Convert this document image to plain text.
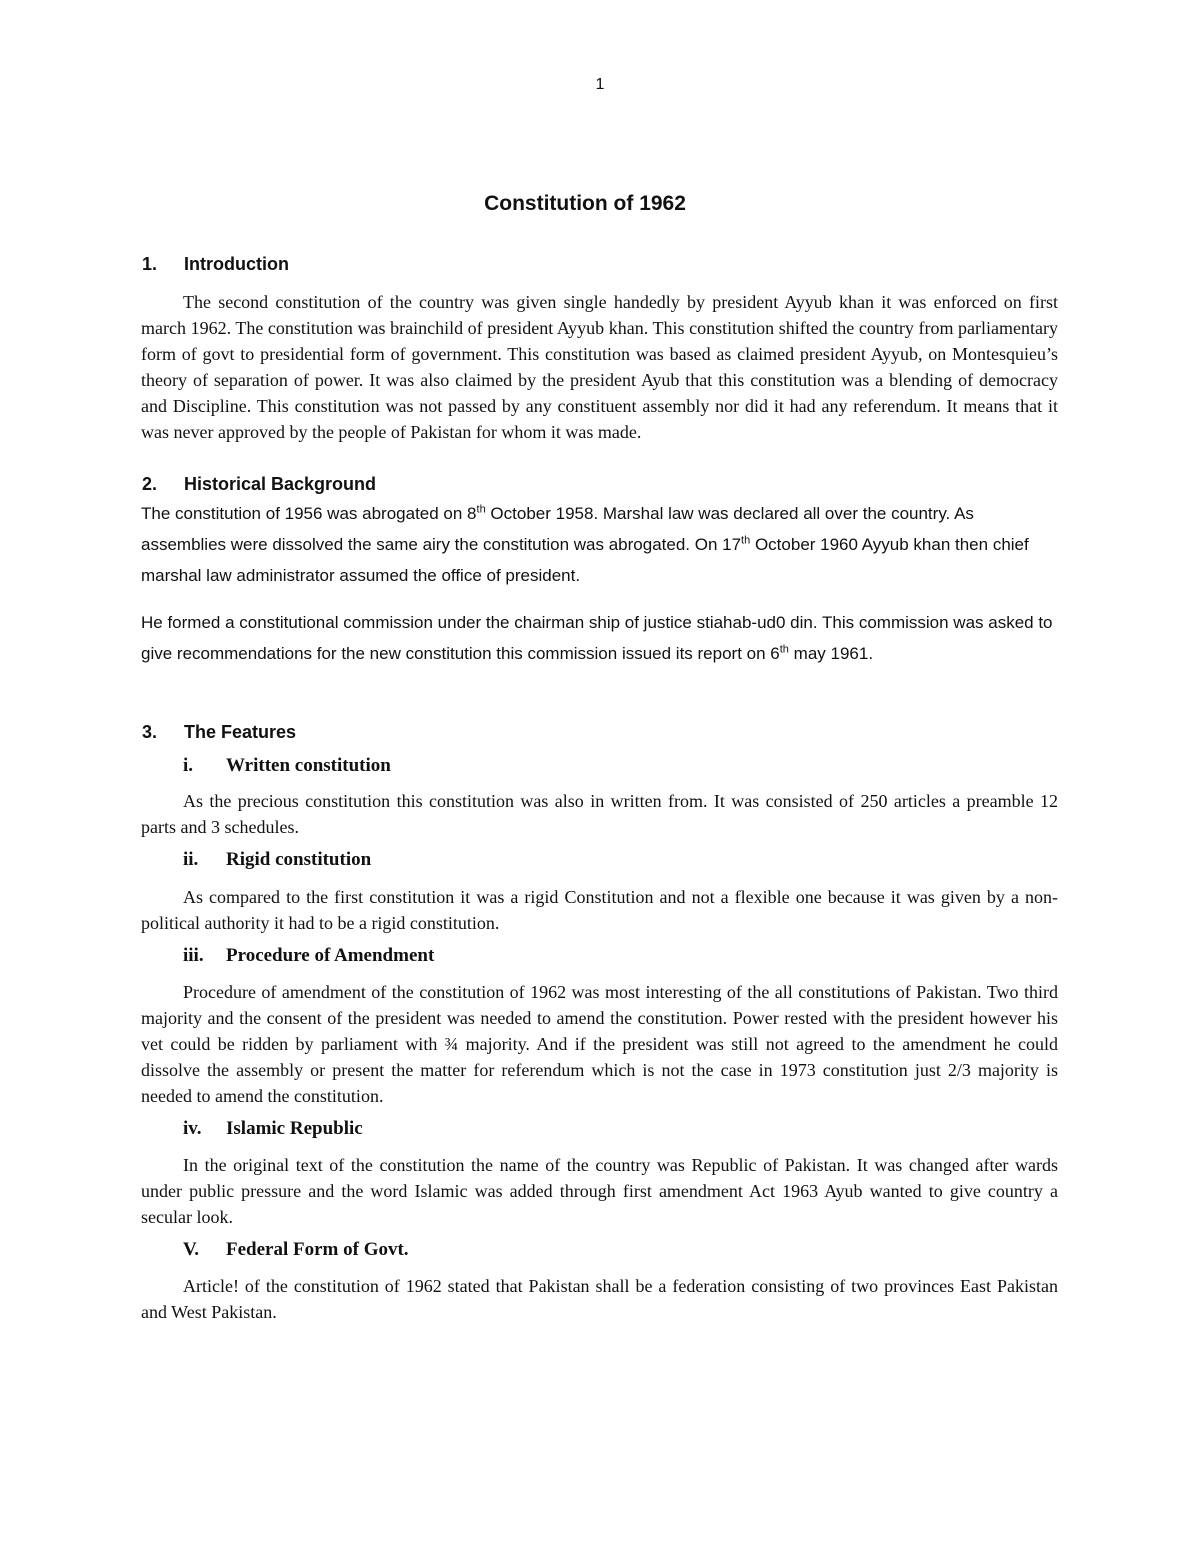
1
Constitution of 1962
1. Introduction

The second constitution of the country was given single handedly by president Ayyub khan it was enforced on first march 1962. The constitution was brainchild of president Ayyub khan. This constitution shifted the country from parliamentary form of govt to presidential form of government. This constitution was based as claimed president Ayyub, on Montesquieu’s theory of separation of power. It was also claimed by the president Ayub that this constitution was a blending of democracy and Discipline. This constitution was not passed by any constituent assembly nor did it had any referendum. It means that it was never approved by the people of Pakistan for whom it was made.

2. Historical Background

The constitution of 1956 was abrogated on 8th October 1958. Marshal law was declared all over the country. As assemblies were dissolved the same airy the constitution was abrogated. On 17th October 1960 Ayyub khan then chief marshal law administrator assumed the office of president.

He formed a constitutional commission under the chairman ship of justice stiahab-ud0 din. This commission was asked to give recommendations for the new constitution this commission issued its report on 6th may 1961.

3. The Features
i. Written constitution

As the precious constitution this constitution was also in written from. It was consisted of 250 articles a preamble 12 parts and 3 schedules.

ii. Rigid constitution

As compared to the first constitution it was a rigid Constitution and not a flexible one because it was given by a non-political authority it had to be a rigid constitution.

iii. Procedure of Amendment

Procedure of amendment of the constitution of 1962 was most interesting of the all constitutions of Pakistan. Two third majority and the consent of the president was needed to amend the constitution. Power rested with the president however his vet could be ridden by parliament with ¾ majority. And if the president was still not agreed to the amendment he could dissolve the assembly or present the matter for referendum which is not the case in 1973 constitution just 2/3 majority is needed to amend the constitution.

iv. Islamic Republic

In the original text of the constitution the name of the country was Republic of Pakistan. It was changed after wards under public pressure and the word Islamic was added through first amendment Act 1963 Ayub wanted to give country a secular look.

V. Federal Form of Govt.

Article! of the constitution of 1962 stated that Pakistan shall be a federation consisting of two provinces East Pakistan and West Pakistan.
